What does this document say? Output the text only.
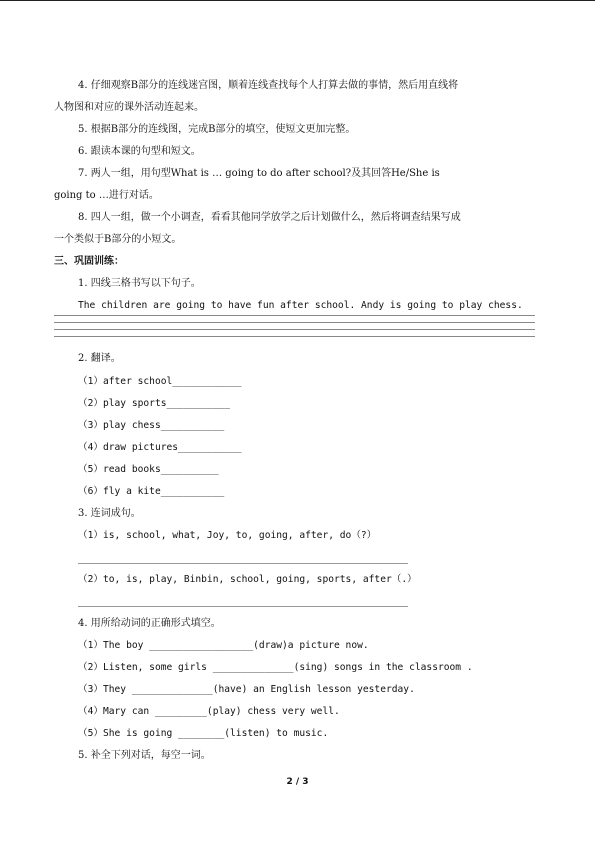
4. 仔细观察B部分的连线迷宫图，顺着连线查找每个人打算去做的事情，然后用直线将
人物图和对应的课外活动连起来。
5. 根据B部分的连线图，完成B部分的填空，使短文更加完整。
6. 跟读本课的句型和短文。
7. 两人一组，用句型What is … going to do after school?及其回答He/She is
going to …进行对话。
8. 四人一组，做一个小调查，看看其他同学放学之后计划做什么，然后将调查结果写成
一个类似于B部分的小短文。
三、巩固训练：
1. 四线三格书写以下句子。
The children are going to have fun after school. Andy is going to play chess.
2. 翻译。
（1）after school____________
（2）play sports___________
（3）play chess___________
（4）draw pictures___________
（5）read books__________
（6）fly a kite___________
3. 连词成句。
（1）is, school, what, Joy, to, going, after, do（?）
（2）to, is, play, Binbin, school, going, sports, after（.）
4. 用所给动词的正确形式填空。
（1）The boy __________________(draw)a picture now.
（2）Listen, some girls ______________(sing) songs in the classroom .
（3）They ______________(have) an English lesson yesterday.
（4）Mary can _________(play) chess very well.
（5）She is going ________(listen) to music.
5. 补全下列对话，每空一词。
2 / 3
